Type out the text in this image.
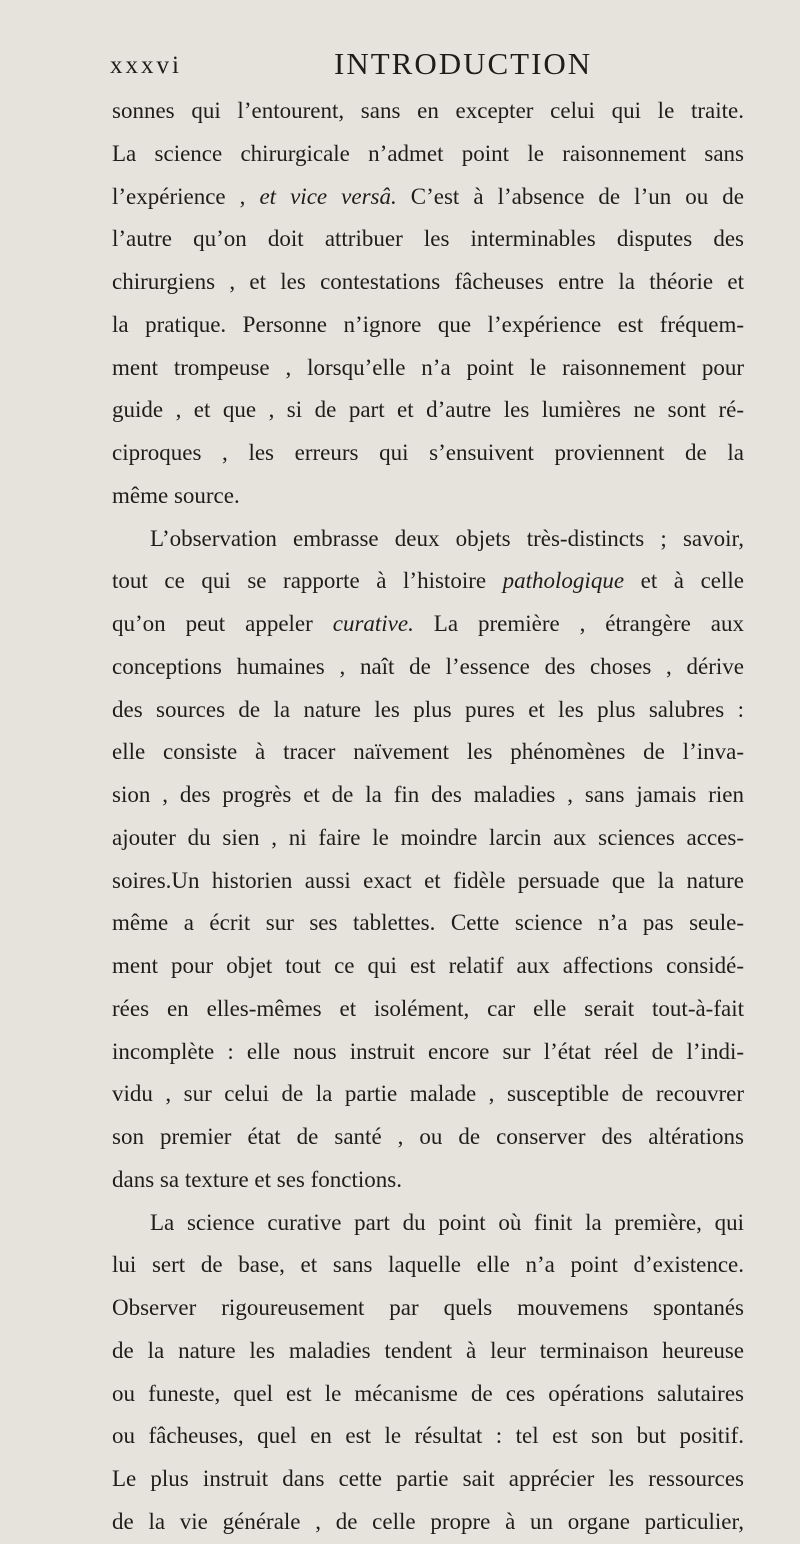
xxxvi	INTRODUCTION
sonnes qui l’entourent, sans en excepter celui qui le traite.
La science chirurgicale n’admet point le raisonnement sans
l’expérience , et vice versâ. C’est à l’absence de l’un ou de
l’autre qu’on doit attribuer les interminables disputes des
chirurgiens , et les contestations fâcheuses entre la théorie et
la pratique. Personne n’ignore que l’expérience est fréquem-
ment trompeuse , lorsqu’elle n’a point le raisonnement pour
guide , et que , si de part et d’autre les lumières ne sont ré-
ciproques , les erreurs qui s’ensuivent proviennent de la
même source.
L’observation embrasse deux objets très-distincts ; savoir,
tout ce qui se rapporte à l’histoire pathologique et à celle
qu’on peut appeler curative. La première , étrangère aux
conceptions humaines , naît de l’essence des choses , dérive
des sources de la nature les plus pures et les plus salubres :
elle consiste à tracer naïvement les phénomènes de l’inva-
sion , des progrès et de la fin des maladies , sans jamais rien
ajouter du sien , ni faire le moindre larcin aux sciences acces-
soires.Un historien aussi exact et fidèle persuade que la nature
même a écrit sur ses tablettes. Cette science n’a pas seule-
ment pour objet tout ce qui est relatif aux affections considé-
rées en elles-mêmes et isolément, car elle serait tout-à-fait
incomplète : elle nous instruit encore sur l’état réel de l’indi-
vidu , sur celui de la partie malade , susceptible de recouvrer
son premier état de santé , ou de conserver des altérations
dans sa texture et ses fonctions.
La science curative part du point où finit la première, qui
lui sert de base, et sans laquelle elle n’a point d’existence.
Observer rigoureusement par quels mouvemens spontanés
de la nature les maladies tendent à leur terminaison heureuse
ou funeste, quel est le mécanisme de ces opérations salutaires
ou fâcheuses, quel en est le résultat : tel est son but positif.
Le plus instruit dans cette partie sait apprécier les ressources
de la vie générale , de celle propre à un organe particulier,
